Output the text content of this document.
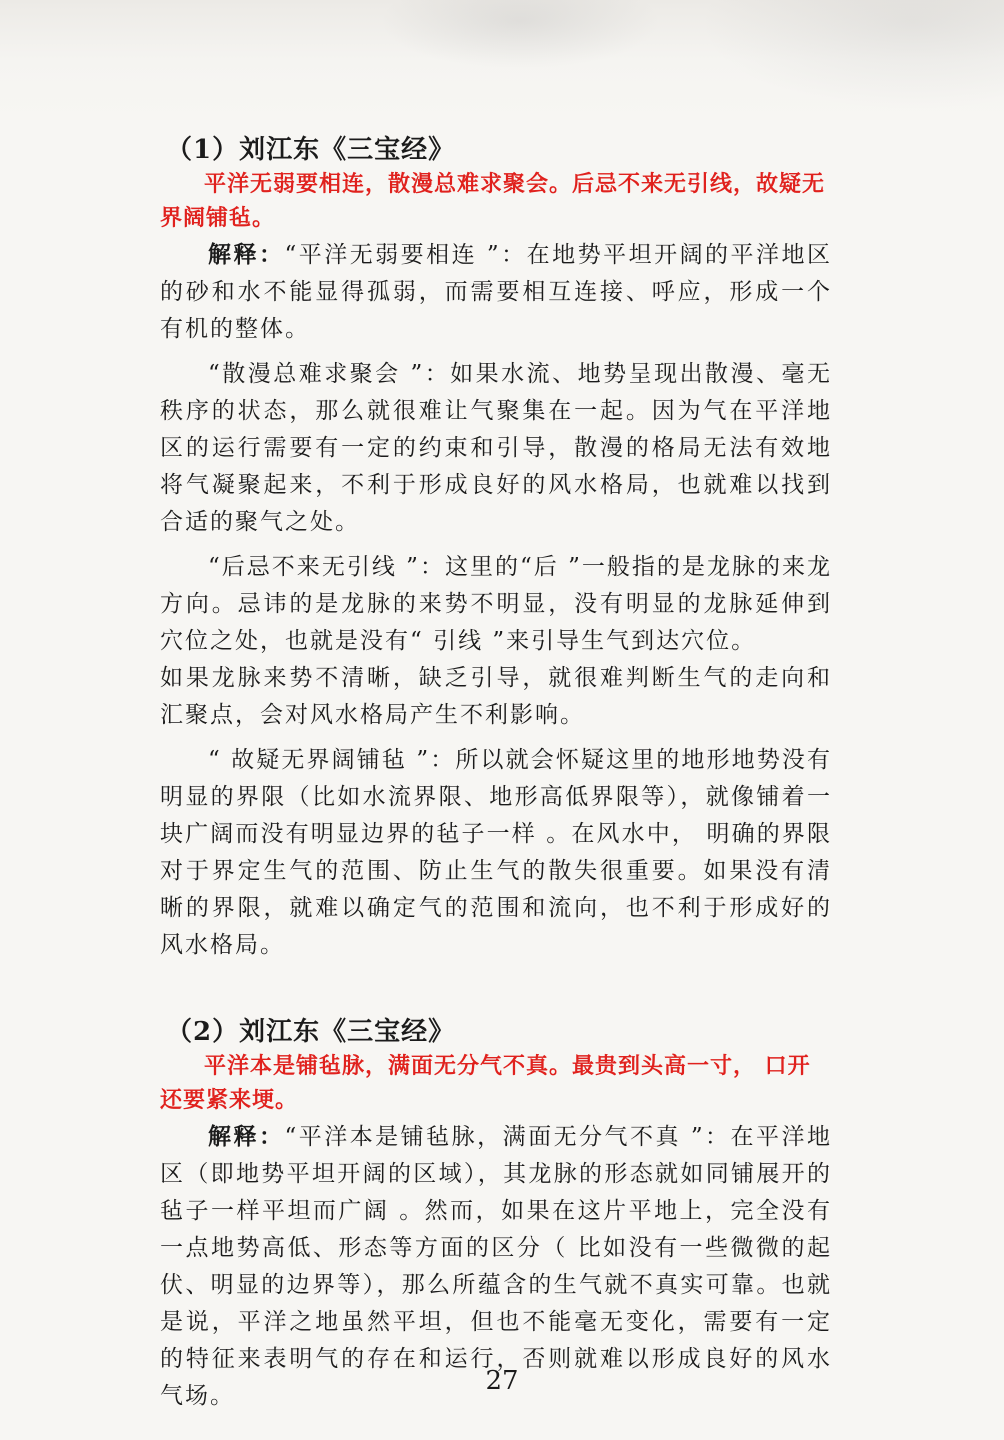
（1）刘江东《三宝经》

平洋无弱要相连，散漫总难求聚会。后忌不来无引线，故疑无界阔铺毡。

解释：“平洋无弱要相连 ”：在地势平坦开阔的平洋地区的砂和水不能显得孤弱，而需要相互连接、呼应，形成一个有机的整体。

“散漫总难求聚会 ”：如果水流、地势呈现出散漫、毫无秩序的状态，那么就很难让气聚集在一起。因为气在平洋地区的运行需要有一定的约束和引导，散漫的格局无法有效地将气凝聚起来，不利于形成良好的风水格局，也就难以找到合适的聚气之处。

“后忌不来无引线 ”：这里的“后 ”一般指的是龙脉的来龙方向。忌讳的是龙脉的来势不明显，没有明显的龙脉延伸到穴位之处，也就是没有“ 引线 ”来引导生气到达穴位。

如果龙脉来势不清晰，缺乏引导，就很难判断生气的走向和汇聚点，会对风水格局产生不利影响。

“ 故疑无界阔铺毡 ”：所以就会怀疑这里的地形地势没有明显的界限（比如水流界限、地形高低界限等），就像铺着一块广阔而没有明显边界的毡子一样 。在风水中， 明确的界限对于界定生气的范围、防止生气的散失很重要。如果没有清晰的界限，就难以确定气的范围和流向，也不利于形成好的风水格局。

（2）刘江东《三宝经》

平洋本是铺毡脉，满面无分气不真。最贵到头高一寸， 口开还要紧来埂。

解释：“平洋本是铺毡脉，满面无分气不真 ”：在平洋地区（即地势平坦开阔的区域），其龙脉的形态就如同铺展开的毡子一样平坦而广阔 。然而，如果在这片平地上，完全没有一点地势高低、形态等方面的区分（ 比如没有一些微微的起伏、明显的边界等），那么所蕴含的生气就不真实可靠。也就是说，平洋之地虽然平坦，但也不能毫无变化，需要有一定的特征来表明气的存在和运行，否则就难以形成良好的风水气场。	27
